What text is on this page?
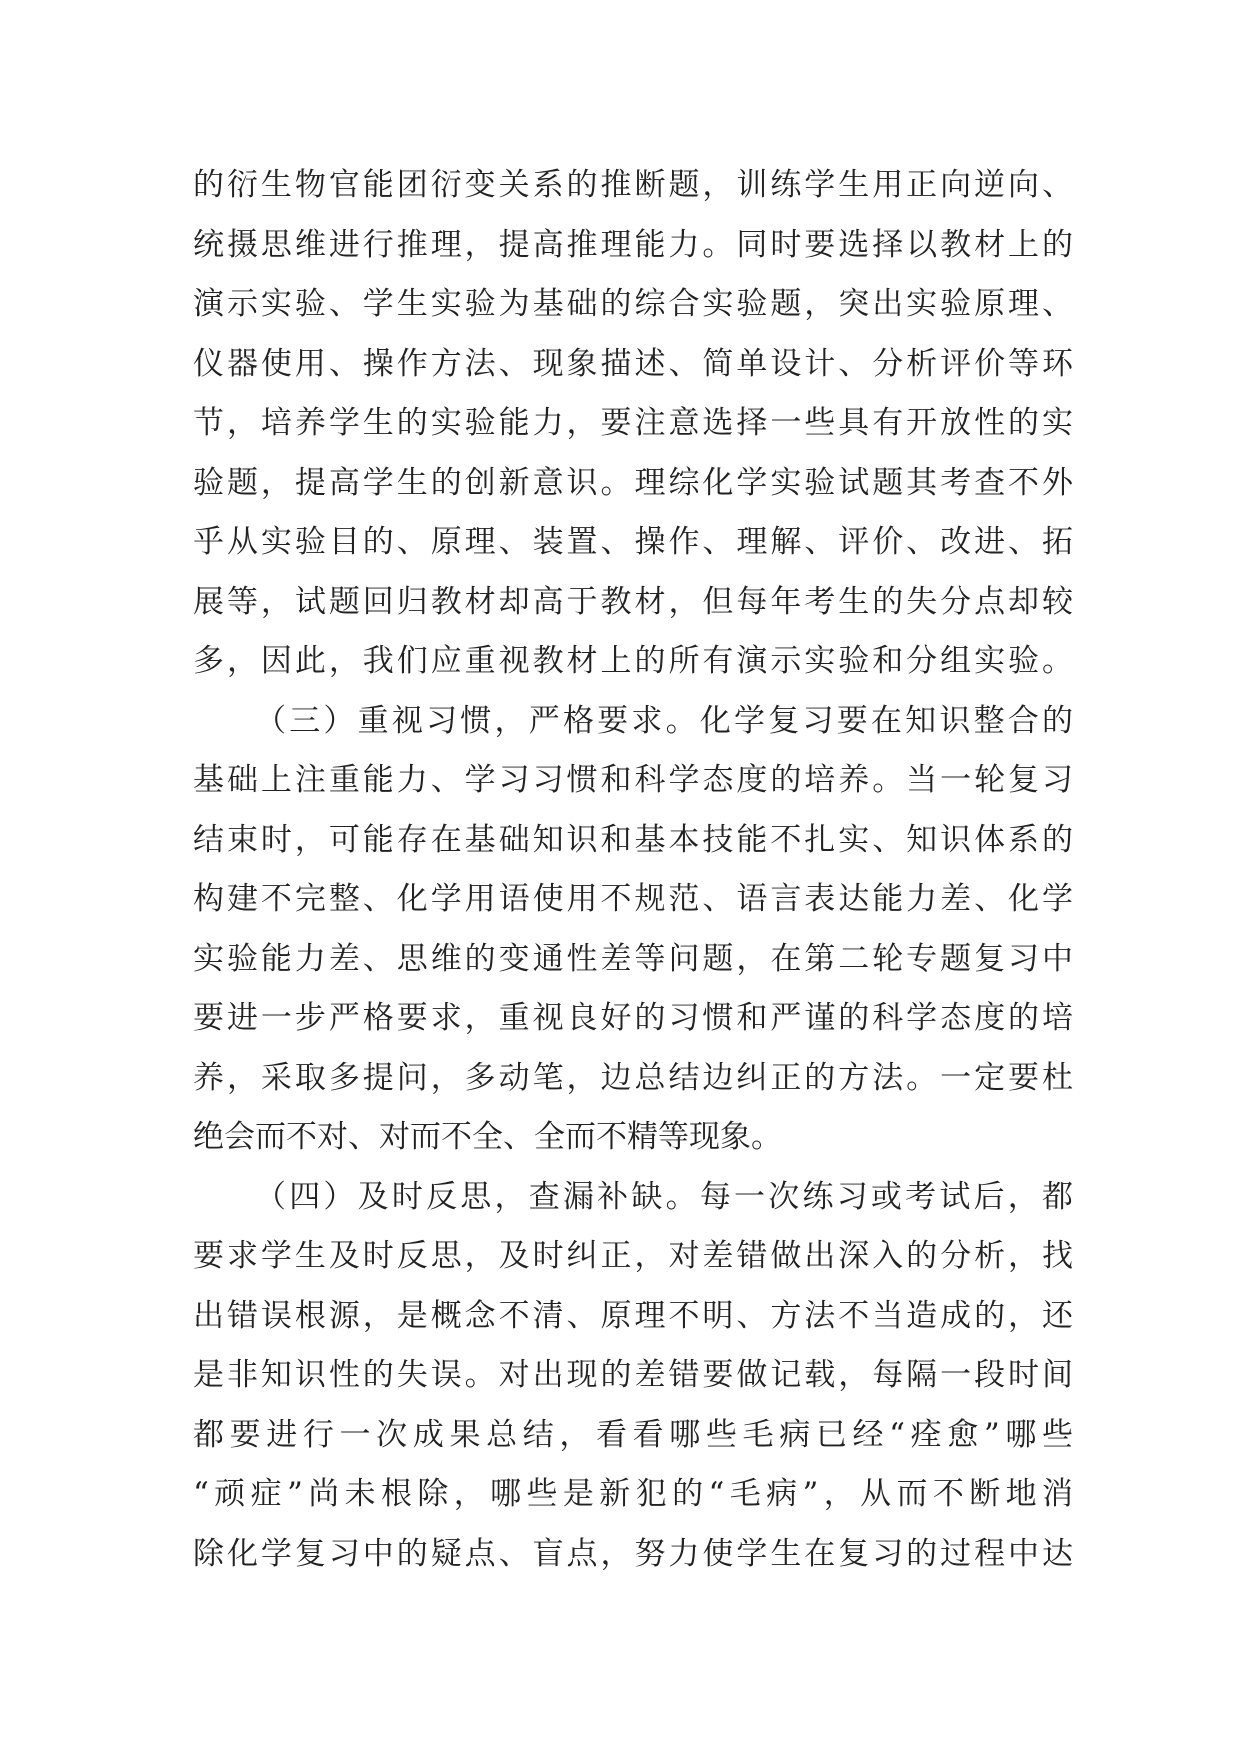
的衍生物官能团衍变关系的推断题，训练学生用正向逆向、
统摄思维进行推理，提高推理能力。同时要选择以教材上的
演示实验、学生实验为基础的综合实验题，突出实验原理、
仪器使用、操作方法、现象描述、简单设计、分析评价等环
节，培养学生的实验能力，要注意选择一些具有开放性的实
验题，提高学生的创新意识。理综化学实验试题其考查不外
乎从实验目的、原理、装置、操作、理解、评价、改进、拓
展等，试题回归教材却高于教材，但每年考生的失分点却较
多，因此，我们应重视教材上的所有演示实验和分组实验。
（三）重视习惯，严格要求。化学复习要在知识整合的
基础上注重能力、学习习惯和科学态度的培养。当一轮复习
结束时，可能存在基础知识和基本技能不扎实、知识体系的
构建不完整、化学用语使用不规范、语言表达能力差、化学
实验能力差、思维的变通性差等问题，在第二轮专题复习中
要进一步严格要求，重视良好的习惯和严谨的科学态度的培
养，采取多提问，多动笔，边总结边纠正的方法。一定要杜
绝会而不对、对而不全、全而不精等现象。
（四）及时反思，查漏补缺。每一次练习或考试后，都
要求学生及时反思，及时纠正，对差错做出深入的分析，找
出错误根源，是概念不清、原理不明、方法不当造成的，还
是非知识性的失误。对出现的差错要做记载，每隔一段时间
都要进行一次成果总结，看看哪些毛病已经“痊愈”哪些
“顽症”尚未根除，哪些是新犯的“毛病”，从而不断地消
除化学复习中的疑点、盲点，努力使学生在复习的过程中达
